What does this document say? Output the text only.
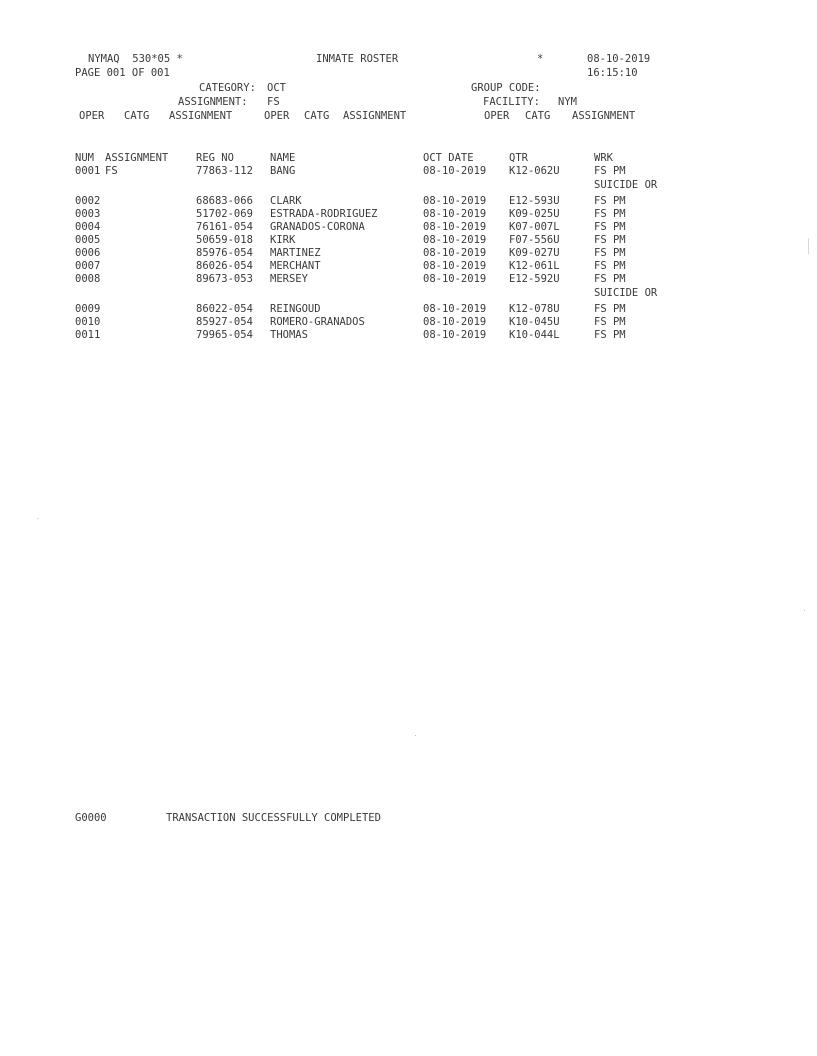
NYMAQ  530*05 *	INMATE ROSTER	*	08-10-2019
PAGE 001 OF 001	16:15:10
CATEGORY: OCT	GROUP CODE:
ASSIGNMENT: FS	FACILITY: NYM
OPER CATG ASSIGNMENT	OPER CATG ASSIGNMENT	OPER CATG ASSIGNMENT
NUM ASSIGNMENT	REG NO	NAME	OCT DATE	QTR	WRK
0001 FS	77863-112 BANG	08-10-2019 K12-062U	FS PM
SUICIDE OR
0002	68683-066 CLARK	08-10-2019 E12-593U	FS PM
0003	51702-069 ESTRADA-RODRIGUEZ	08-10-2019 K09-025U	FS PM
0004	76161-054 GRANADOS-CORONA	08-10-2019 K07-007L	FS PM
0005	50659-018 KIRK	08-10-2019 F07-556U	FS PM
0006	85976-054 MARTINEZ	08-10-2019 K09-027U	FS PM
0007	86026-054 MERCHANT	08-10-2019 K12-061L	FS PM
0008	89673-053 MERSEY	08-10-2019 E12-592U	FS PM
SUICIDE OR
0009	86022-054 REINGOUD	08-10-2019 K12-078U	FS PM
0010	85927-054 ROMERO-GRANADOS	08-10-2019 K10-045U	FS PM
0011	79965-054 THOMAS	08-10-2019 K10-044L	FS PM
G0000	TRANSACTION SUCCESSFULLY COMPLETED
